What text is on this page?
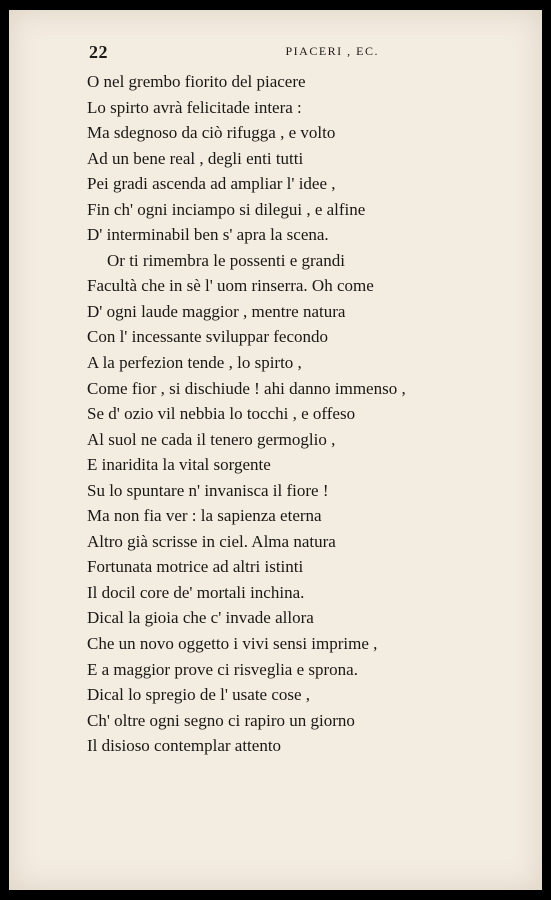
22	PIACERI , EC.
O nel grembo fiorito del piacere
Lo spirto avrà felicitade intera :
Ma sdegnoso da ciò rifugga , e volto
Ad un bene real , degli enti tutti
Pei gradi ascenda ad ampliar l' idee ,
Fin ch' ogni inciampo si dilegui , e alfine
D' interminabil ben s' apra la scena.
Or ti rimembra le possenti e grandi
Facultà che in sè l' uom rinserra. Oh come
D' ogni laude maggior , mentre natura
Con l' incessante sviluppar fecondo
A la perfezion tende , lo spirto ,
Come fior , si dischiude ! ahi danno immenso ,
Se d' ozio vil nebbia lo tocchi , e offeso
Al suol ne cada il tenero germoglio ,
E inaridita la vital sorgente
Su lo spuntare n' invanisca il fiore !
Ma non fia ver : la sapienza eterna
Altro già scrisse in ciel. Alma natura
Fortunata motrice ad altri istinti
Il docil core de' mortali inchina.
Dical la gioia che c' invade allora
Che un novo oggetto i vivi sensi imprime ,
E a maggior prove ci risveglia e sprona.
Dical lo spregio de l' usate cose ,
Ch' oltre ogni segno ci rapiro un giorno
Il disioso contemplar attento
